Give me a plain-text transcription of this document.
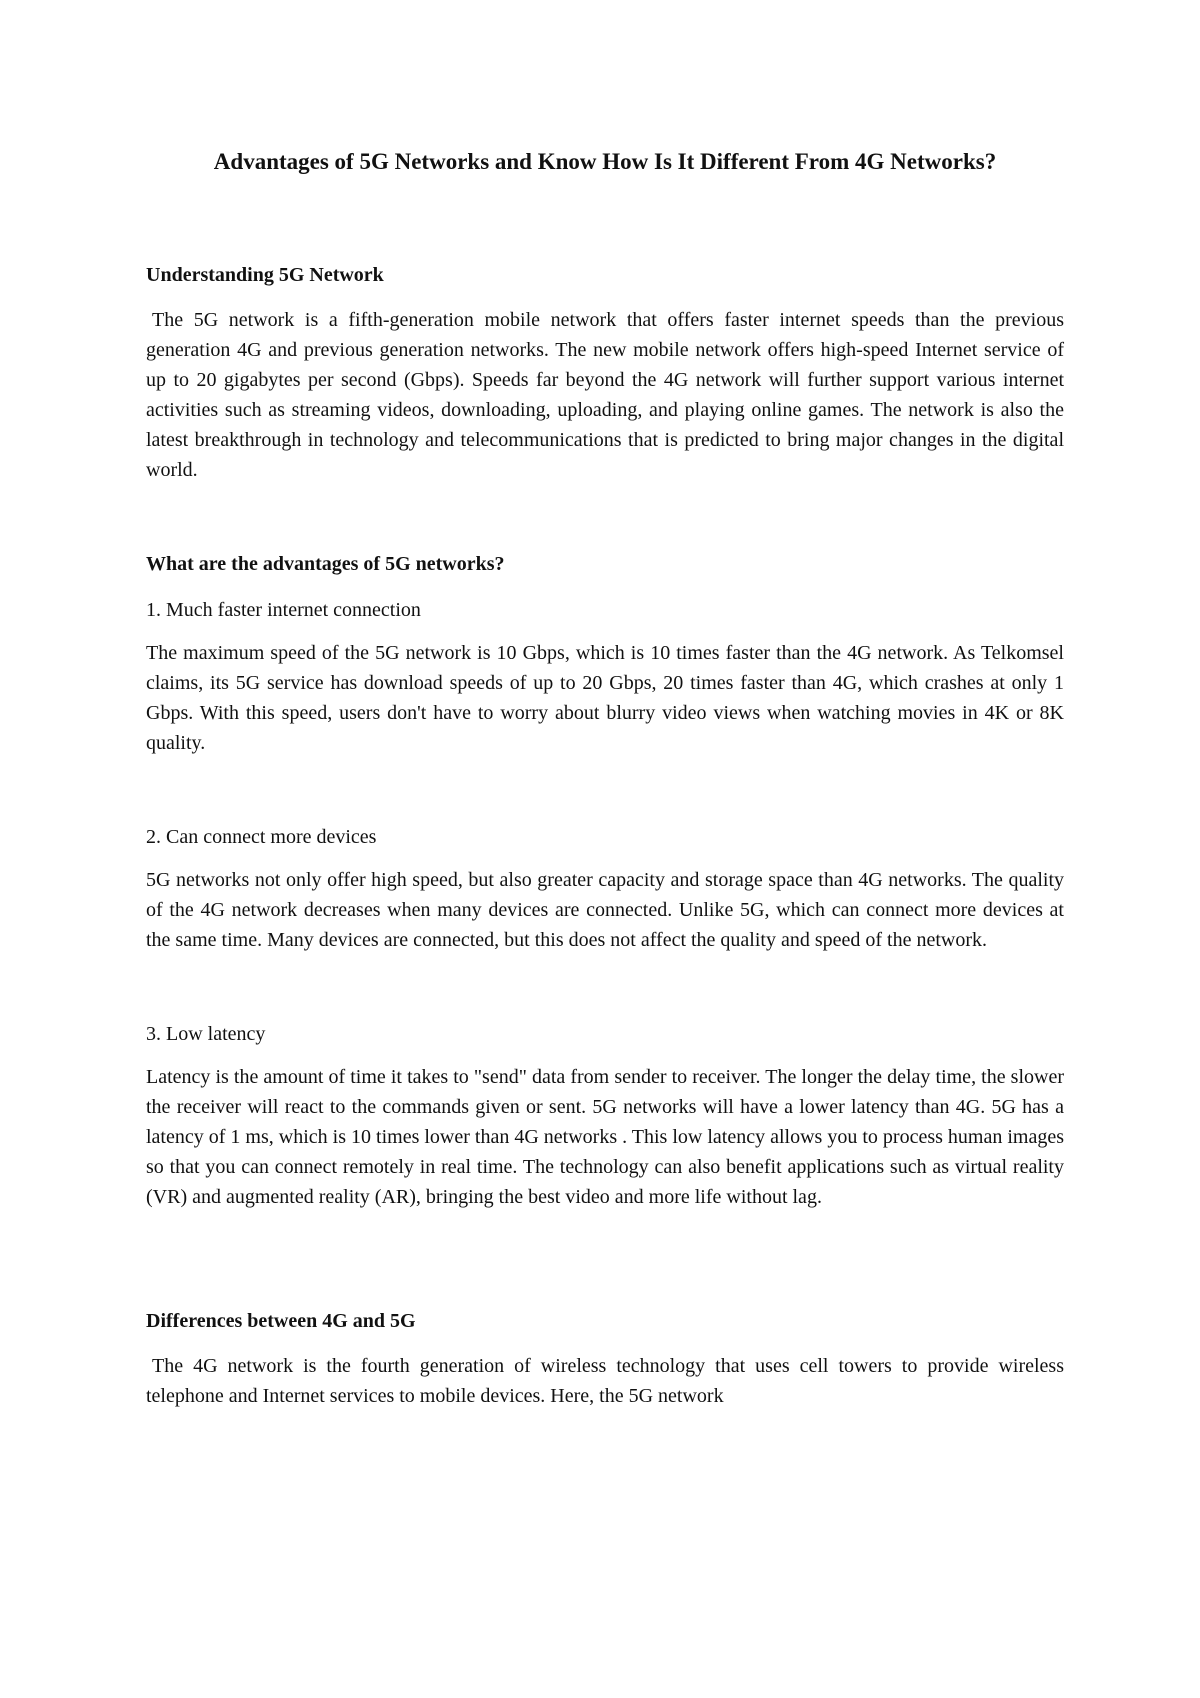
Advantages of 5G Networks and Know How Is It Different From 4G Networks?
Understanding 5G Network

The 5G network is a fifth-generation mobile network that offers faster internet speeds than the previous generation 4G and previous generation networks. The new mobile network offers high-speed Internet service of up to 20 gigabytes per second (Gbps). Speeds far beyond the 4G network will further support various internet activities such as streaming videos, downloading, uploading, and playing online games. The network is also the latest breakthrough in technology and telecommunications that is predicted to bring major changes in the digital world.

What are the advantages of 5G networks?

1. Much faster internet connection

The maximum speed of the 5G network is 10 Gbps, which is 10 times faster than the 4G network. As Telkomsel claims, its 5G service has download speeds of up to 20 Gbps, 20 times faster than 4G, which crashes at only 1 Gbps. With this speed, users don't have to worry about blurry video views when watching movies in 4K or 8K quality.

2. Can connect more devices

5G networks not only offer high speed, but also greater capacity and storage space than 4G networks. The quality of the 4G network decreases when many devices are connected. Unlike 5G, which can connect more devices at the same time. Many devices are connected, but this does not affect the quality and speed of the network.

3. Low latency

Latency is the amount of time it takes to "send" data from sender to receiver. The longer the delay time, the slower the receiver will react to the commands given or sent. 5G networks will have a lower latency than 4G. 5G has a latency of 1 ms, which is 10 times lower than 4G networks . This low latency allows you to process human images so that you can connect remotely in real time. The technology can also benefit applications such as virtual reality (VR) and augmented reality (AR), bringing the best video and more life without lag.

Differences between 4G and 5G

The 4G network is the fourth generation of wireless technology that uses cell towers to provide wireless telephone and Internet services to mobile devices. Here, the 5G network
